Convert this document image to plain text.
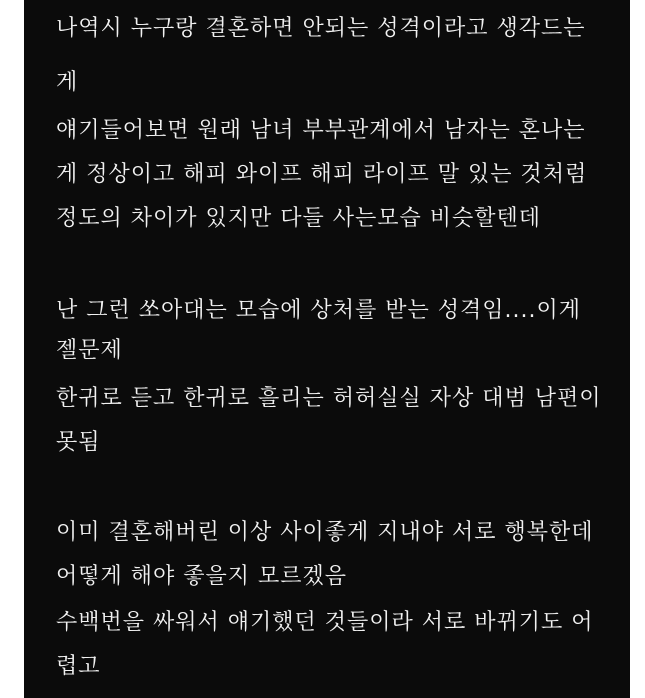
나역시 누구랑 결혼하면 안되는 성격이라고 생각드는
게
얘기들어보면 원래 남녀 부부관계에서 남자는 혼나는
게 정상이고 해피 와이프 해피 라이프 말 있는 것처럼
정도의 차이가 있지만 다들 사는모습 비슷할텐데
난 그런 쏘아대는 모습에 상처를 받는 성격임....이게
젤문제
한귀로 듣고 한귀로 흘리는 허허실실 자상 대범 남편이
못됨
이미 결혼해버린 이상 사이좋게 지내야 서로 행복한데
어떻게 해야 좋을지 모르겠음
수백번을 싸워서 얘기했던 것들이라 서로 바뀌기도 어
렵고
